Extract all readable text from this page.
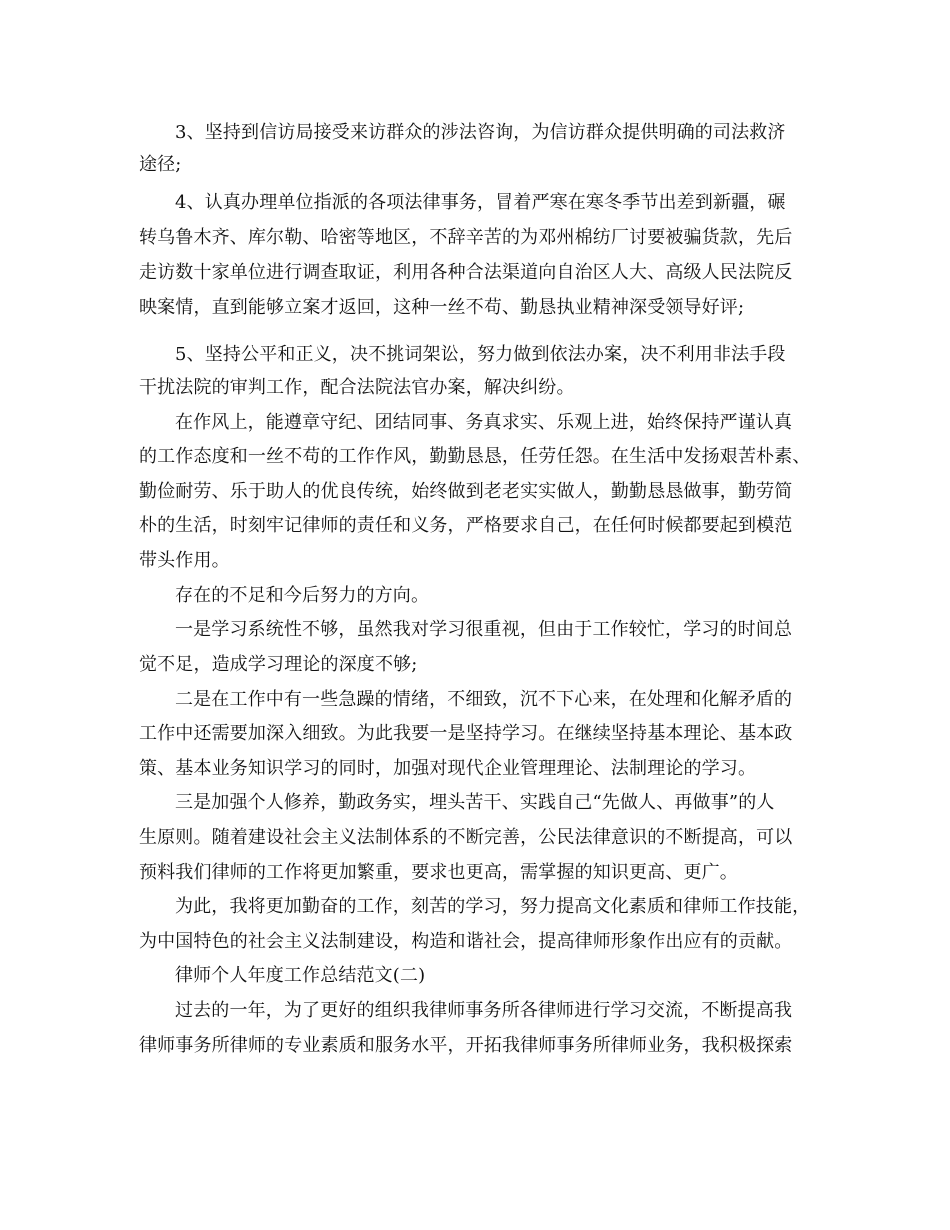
3、坚持到信访局接受来访群众的涉法咨询，为信访群众提供明确的司法救济
途径;
4、认真办理单位指派的各项法律事务，冒着严寒在寒冬季节出差到新疆，碾
转乌鲁木齐、库尔勒、哈密等地区，不辞辛苦的为邓州棉纺厂讨要被骗货款，先后
走访数十家单位进行调查取证，利用各种合法渠道向自治区人大、高级人民法院反
映案情，直到能够立案才返回，这种一丝不苟、勤恳执业精神深受领导好评;
5、坚持公平和正义，决不挑词架讼，努力做到依法办案，决不利用非法手段
干扰法院的审判工作，配合法院法官办案，解决纠纷。
在作风上，能遵章守纪、团结同事、务真求实、乐观上进，始终保持严谨认真
的工作态度和一丝不苟的工作作风，勤勤恳恳，任劳任怨。在生活中发扬艰苦朴素、
勤俭耐劳、乐于助人的优良传统，始终做到老老实实做人，勤勤恳恳做事，勤劳简
朴的生活，时刻牢记律师的责任和义务，严格要求自己，在任何时候都要起到模范
带头作用。
存在的不足和今后努力的方向。
一是学习系统性不够，虽然我对学习很重视，但由于工作较忙，学习的时间总
觉不足，造成学习理论的深度不够;
二是在工作中有一些急躁的情绪，不细致，沉不下心来，在处理和化解矛盾的
工作中还需要加深入细致。为此我要一是坚持学习。在继续坚持基本理论、基本政
策、基本业务知识学习的同时，加强对现代企业管理理论、法制理论的学习。
三是加强个人修养，勤政务实，埋头苦干、实践自己“先做人、再做事”的人
生原则。随着建设社会主义法制体系的不断完善，公民法律意识的不断提高，可以
预料我们律师的工作将更加繁重，要求也更高，需掌握的知识更高、更广。
为此，我将更加勤奋的工作，刻苦的学习，努力提高文化素质和律师工作技能，
为中国特色的社会主义法制建设，构造和谐社会，提高律师形象作出应有的贡献。
律师个人年度工作总结范文(二)
过去的一年，为了更好的组织我律师事务所各律师进行学习交流，不断提高我
律师事务所律师的专业素质和服务水平，开拓我律师事务所律师业务，我积极探索
